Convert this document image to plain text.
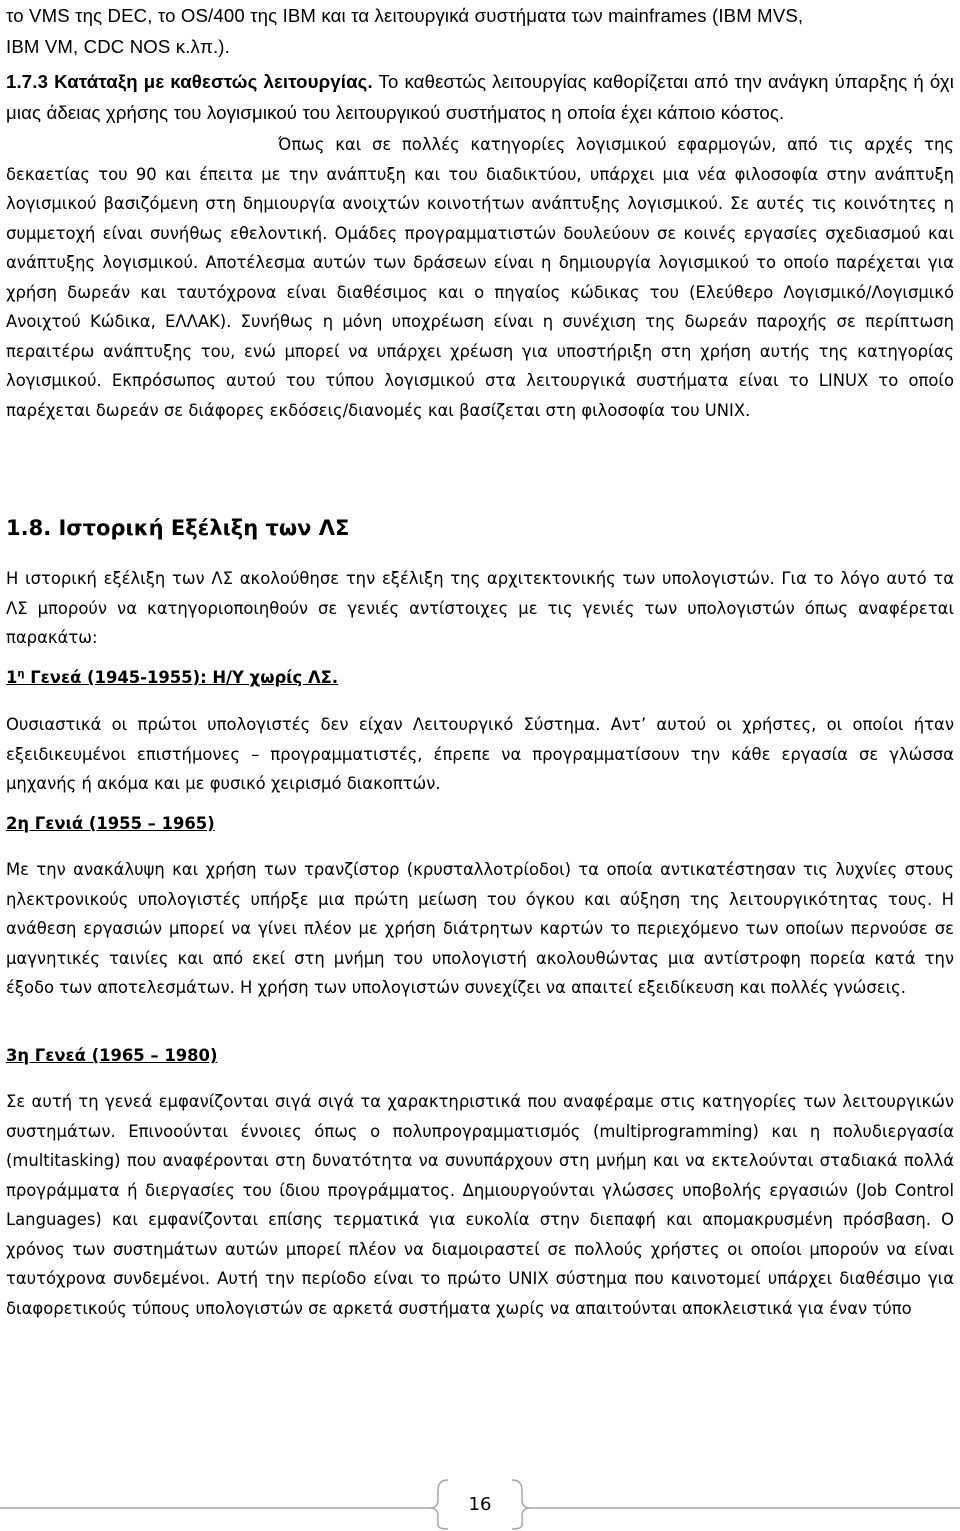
το VMS της DEC, το OS/400 της IBM και τα λειτουργικά συστήματα των mainframes (IBM MVS,

IBM VM, CDC NOS κ.λπ.).

1.7.3 Κατάταξη με καθεστώς λειτουργίας. Το καθεστώς λειτουργίας καθορίζεται από την ανάγκη ύπαρξης ή όχι μιας άδειας χρήσης του λογισμικού του λειτουργικού συστήματος η οποία έχει κάποιο κόστος.

Όπως και σε πολλές κατηγορίες λογισμικού εφαρμογών, από τις αρχές της δεκαετίας του 90 και έπειτα με την ανάπτυξη και του διαδικτύου, υπάρχει μια νέα φιλοσοφία στην ανάπτυξη λογισμικού βασιζόμενη στη δημιουργία ανοιχτών κοινοτήτων ανάπτυξης λογισμικού. Σε αυτές τις κοινότητες η συμμετοχή είναι συνήθως εθελοντική. Ομάδες προγραμματιστών δουλεύουν σε κοινές εργασίες σχεδιασμού και ανάπτυξης λογισμικού. Αποτέλεσμα αυτών των δράσεων είναι η δημιουργία λογισμικού το οποίο παρέχεται για χρήση δωρεάν και ταυτόχρονα είναι διαθέσιμος και ο πηγαίος κώδικας του (Ελεύθερο Λογισμικό/Λογισμικό Ανοιχτού Κώδικα, ΕΛΛΑΚ). Συνήθως η μόνη υποχρέωση είναι η συνέχιση της δωρεάν παροχής σε περίπτωση περαιτέρω ανάπτυξης του, ενώ μπορεί να υπάρχει χρέωση για υποστήριξη στη χρήση αυτής της κατηγορίας λογισμικού. Εκπρόσωπος αυτού του τύπου λογισμικού στα λειτουργικά συστήματα είναι το LINUX το οποίο παρέχεται δωρεάν σε διάφορες εκδόσεις/διανομές και βασίζεται στη φιλοσοφία του UNIX.

1.8. Ιστορική Εξέλιξη των ΛΣ

Η ιστορική εξέλιξη των ΛΣ ακολούθησε την εξέλιξη της αρχιτεκτονικής των υπολογιστών. Για το λόγο αυτό τα ΛΣ μπορούν να κατηγοριοποιηθούν σε γενιές αντίστοιχες με τις γενιές των υπολογιστών όπως αναφέρεται παρακάτω:

$1^\eta$ Γενεά (1945-1955): Η/Υ χωρίς ΛΣ.

Ουσιαστικά οι πρώτοι υπολογιστές δεν είχαν Λειτουργικό Σύστημα. Αντ’ αυτού οι χρήστες, οι οποίοι ήταν εξειδικευμένοι επιστήμονες – προγραμματιστές, έπρεπε να προγραμματίσουν την κάθε εργασία σε γλώσσα μηχανής ή ακόμα και με φυσικό χειρισμό διακοπτών.

2η Γενιά (1955 – 1965)

Με την ανακάλυψη και χρήση των τρανζίστορ (κρυσταλλοτρίοδοι) τα οποία αντικατέστησαν τις λυχνίες στους ηλεκτρονικούς υπολογιστές υπήρξε μια πρώτη μείωση του όγκου και αύξηση της λειτουργικότητας τους. Η ανάθεση εργασιών μπορεί να γίνει πλέον με χρήση διάτρητων καρτών το περιεχόμενο των οποίων περνούσε σε μαγνητικές ταινίες και από εκεί στη μνήμη του υπολογιστή ακολουθώντας μια αντίστροφη πορεία κατά την έξοδο των αποτελεσμάτων. Η χρήση των υπολογιστών συνεχίζει να απαιτεί εξειδίκευση και πολλές γνώσεις.

3η Γενεά (1965 – 1980)

Σε αυτή τη γενεά εμφανίζονται σιγά σιγά τα χαρακτηριστικά που αναφέραμε στις κατηγορίες των λειτουργικών συστημάτων. Επινοούνται έννοιες όπως ο πολυπρογραμματισμός (multiprogramming) και η πολυδιεργασία (multitasking) που αναφέρονται στη δυνατότητα να συνυπάρχουν στη μνήμη και να εκτελούνται σταδιακά πολλά προγράμματα ή διεργασίες του ίδιου προγράμματος. Δημιουργούνται γλώσσες υποβολής εργασιών (Job Control Languages) και εμφανίζονται επίσης τερματικά για ευκολία στην διεπαφή και απομακρυσμένη πρόσβαση. Ο χρόνος των συστημάτων αυτών μπορεί πλέον να διαμοιραστεί σε πολλούς χρήστες οι οποίοι μπορούν να είναι ταυτόχρονα συνδεμένοι. Αυτή την περίοδο είναι το πρώτο UNIX σύστημα που καινοτομεί υπάρχει διαθέσιμο για διαφορετικούς τύπους υπολογιστών σε αρκετά συστήματα χωρίς να απαιτούνται αποκλειστικά για έναν τύπο

16
